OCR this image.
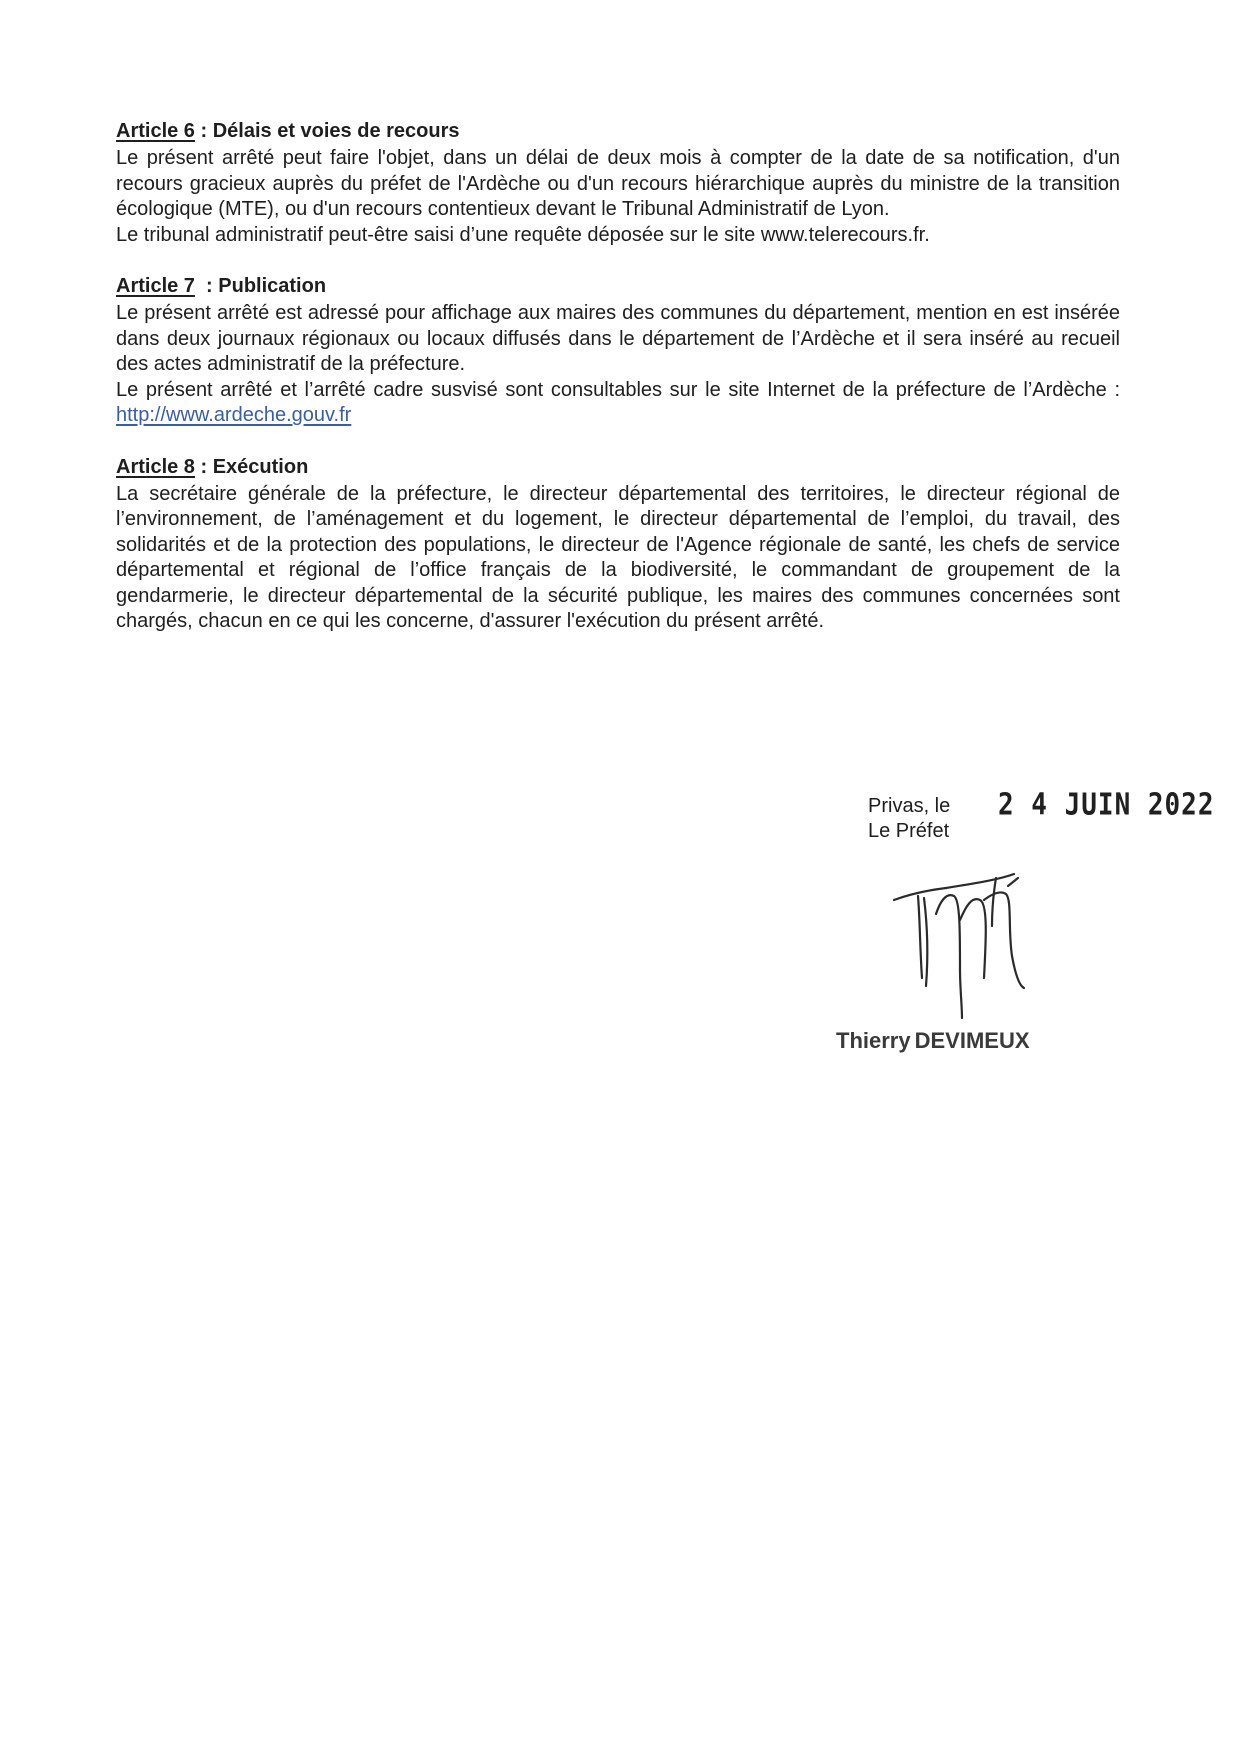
Article 6 : Délais et voies de recours

Le présent arrêté peut faire l'objet, dans un délai de deux mois à compter de la date de sa notification, d'un recours gracieux auprès du préfet de l'Ardèche ou d'un recours hiérarchique auprès du ministre de la transition écologique (MTE), ou d'un recours contentieux devant le Tribunal Administratif de Lyon.

Le tribunal administratif peut-être saisi d’une requête déposée sur le site www.telerecours.fr.

Article 7  : Publication

Le présent arrêté est adressé pour affichage aux maires des communes du département, mention en est insérée dans deux journaux régionaux ou locaux diffusés dans le département de l’Ardèche et il sera inséré au recueil des actes administratif de la préfecture.

Le présent arrêté et l’arrêté cadre susvisé sont consultables sur le site Internet de la préfecture de l’Ardèche : http://www.ardeche.gouv.fr

Article 8 : Exécution

La secrétaire générale de la préfecture, le directeur départemental des territoires, le directeur régional de l’environnement, de l’aménagement et du logement, le directeur départemental de l’emploi, du travail, des solidarités et de la protection des populations, le directeur de l'Agence régionale de santé, les chefs de service départemental et régional de l’office français de la biodiversité, le commandant de groupement de la gendarmerie, le directeur départemental de la sécurité publique, les maires des communes concernées sont chargés, chacun en ce qui les concerne, d'assurer l'exécution du présent arrêté.

Privas, le 2 4 JUIN 2022
Le Préfet
Thierry DEVIMEUX
